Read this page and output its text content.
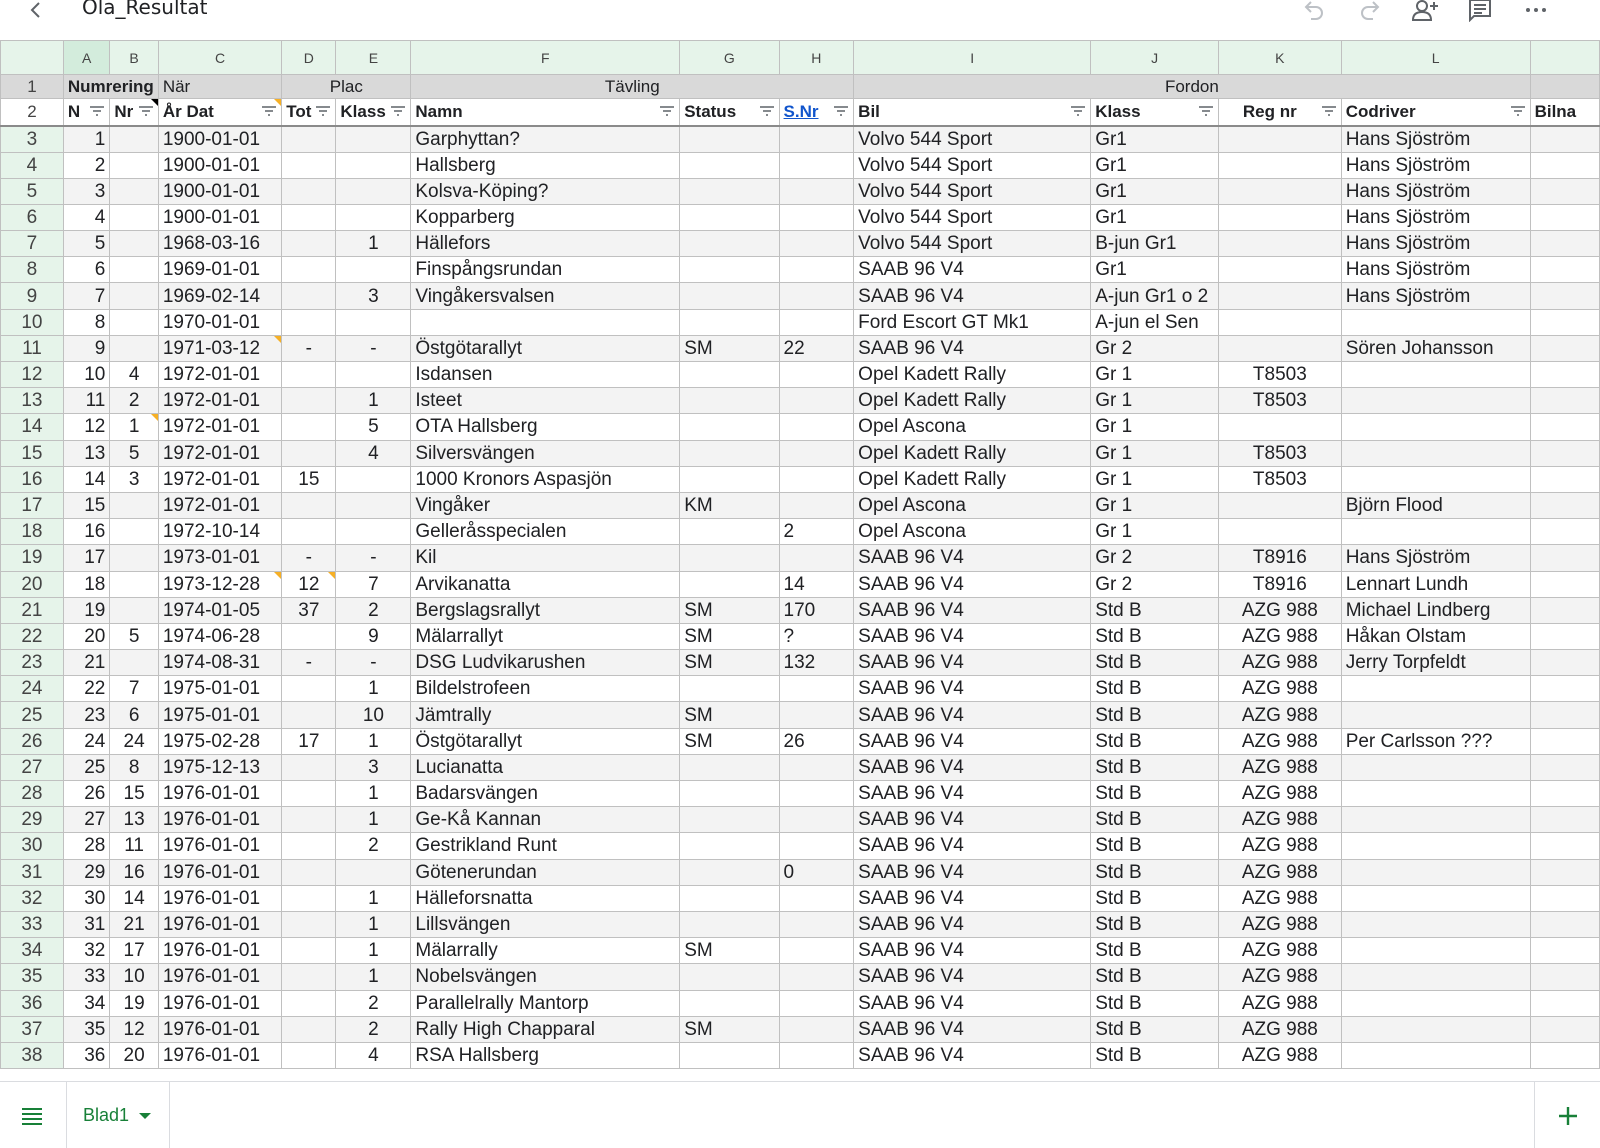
Ola_Resultat
	A	B	C	D	E	F	G	H	I	J	K	L	
1	Numrering		När	Plac		Tävling			Fordon				
2	N	Nr	År Dat	Tot	Klass	Namn	Status	S.Nr	Bil	Klass	Reg nr	Codriver	Bilna
3	1		1900-01-01			Garphyttan?			Volvo 544 Sport	Gr1		Hans Sjöström	
4	2		1900-01-01			Hallsberg			Volvo 544 Sport	Gr1		Hans Sjöström	
5	3		1900-01-01			Kolsva-Köping?			Volvo 544 Sport	Gr1		Hans Sjöström	
6	4		1900-01-01			Kopparberg			Volvo 544 Sport	Gr1		Hans Sjöström	
7	5		1968-03-16		1	Hällefors			Volvo 544 Sport	B-jun Gr1		Hans Sjöström	
8	6		1969-01-01			Finspångsrundan			SAAB 96 V4	Gr1		Hans Sjöström	
9	7		1969-02-14		3	Vingåkersvalsen			SAAB 96 V4	A-jun Gr1 o 2		Hans Sjöström	
10	8		1970-01-01						Ford Escort GT Mk1	A-jun el Sen			
11	9		1971-03-12	-	-	Östgötarallyt	SM	22	SAAB 96 V4	Gr 2		Sören Johansson	
12	10	4	1972-01-01			Isdansen			Opel Kadett Rally	Gr 1	T8503		
13	11	2	1972-01-01		1	Isteet			Opel Kadett Rally	Gr 1	T8503		
14	12	1	1972-01-01		5	OTA Hallsberg			Opel Ascona	Gr 1			
15	13	5	1972-01-01		4	Silversvängen			Opel Kadett Rally	Gr 1	T8503		
16	14	3	1972-01-01	15		1000 Kronors Aspasjön			Opel Kadett Rally	Gr 1	T8503		
17	15		1972-01-01			Vingåker	KM		Opel Ascona	Gr 1		Björn Flood	
18	16		1972-10-14			Gelleråsspecialen		2	Opel Ascona	Gr 1			
19	17		1973-01-01	-	-	Kil			SAAB 96 V4	Gr 2	T8916	Hans Sjöström	
20	18		1973-12-28	12	7	Arvikanatta		14	SAAB 96 V4	Gr 2	T8916	Lennart Lundh	
21	19		1974-01-05	37	2	Bergslagsrallyt	SM	170	SAAB 96 V4	Std B	AZG 988	Michael Lindberg	
22	20	5	1974-06-28		9	Mälarrallyt	SM	?	SAAB 96 V4	Std B	AZG 988	Håkan Olstam	
23	21		1974-08-31	-	-	DSG Ludvikarushen	SM	132	SAAB 96 V4	Std B	AZG 988	Jerry Torpfeldt	
24	22	7	1975-01-01		1	Bildelstrofeen			SAAB 96 V4	Std B	AZG 988		
25	23	6	1975-01-01		10	Jämtrally	SM		SAAB 96 V4	Std B	AZG 988		
26	24	24	1975-02-28	17	1	Östgötarallyt	SM	26	SAAB 96 V4	Std B	AZG 988	Per Carlsson ???	
27	25	8	1975-12-13		3	Lucianatta			SAAB 96 V4	Std B	AZG 988		
28	26	15	1976-01-01		1	Badarsvängen			SAAB 96 V4	Std B	AZG 988		
29	27	13	1976-01-01		1	Ge-Kå Kannan			SAAB 96 V4	Std B	AZG 988		
30	28	11	1976-01-01		2	Gestrikland Runt			SAAB 96 V4	Std B	AZG 988		
31	29	16	1976-01-01			Götenerundan		0	SAAB 96 V4	Std B	AZG 988		
32	30	14	1976-01-01		1	Hälleforsnatta			SAAB 96 V4	Std B	AZG 988		
33	31	21	1976-01-01		1	Lillsvängen			SAAB 96 V4	Std B	AZG 988		
34	32	17	1976-01-01		1	Mälarrally	SM		SAAB 96 V4	Std B	AZG 988		
35	33	10	1976-01-01		1	Nobelsvängen			SAAB 96 V4	Std B	AZG 988		
36	34	19	1976-01-01		2	Parallelrally Mantorp			SAAB 96 V4	Std B	AZG 988		
37	35	12	1976-01-01		2	Rally High Chapparal	SM		SAAB 96 V4	Std B	AZG 988		
38	36	20	1976-01-01		4	RSA Hallsberg			SAAB 96 V4	Std B	AZG 988		
Blad1
